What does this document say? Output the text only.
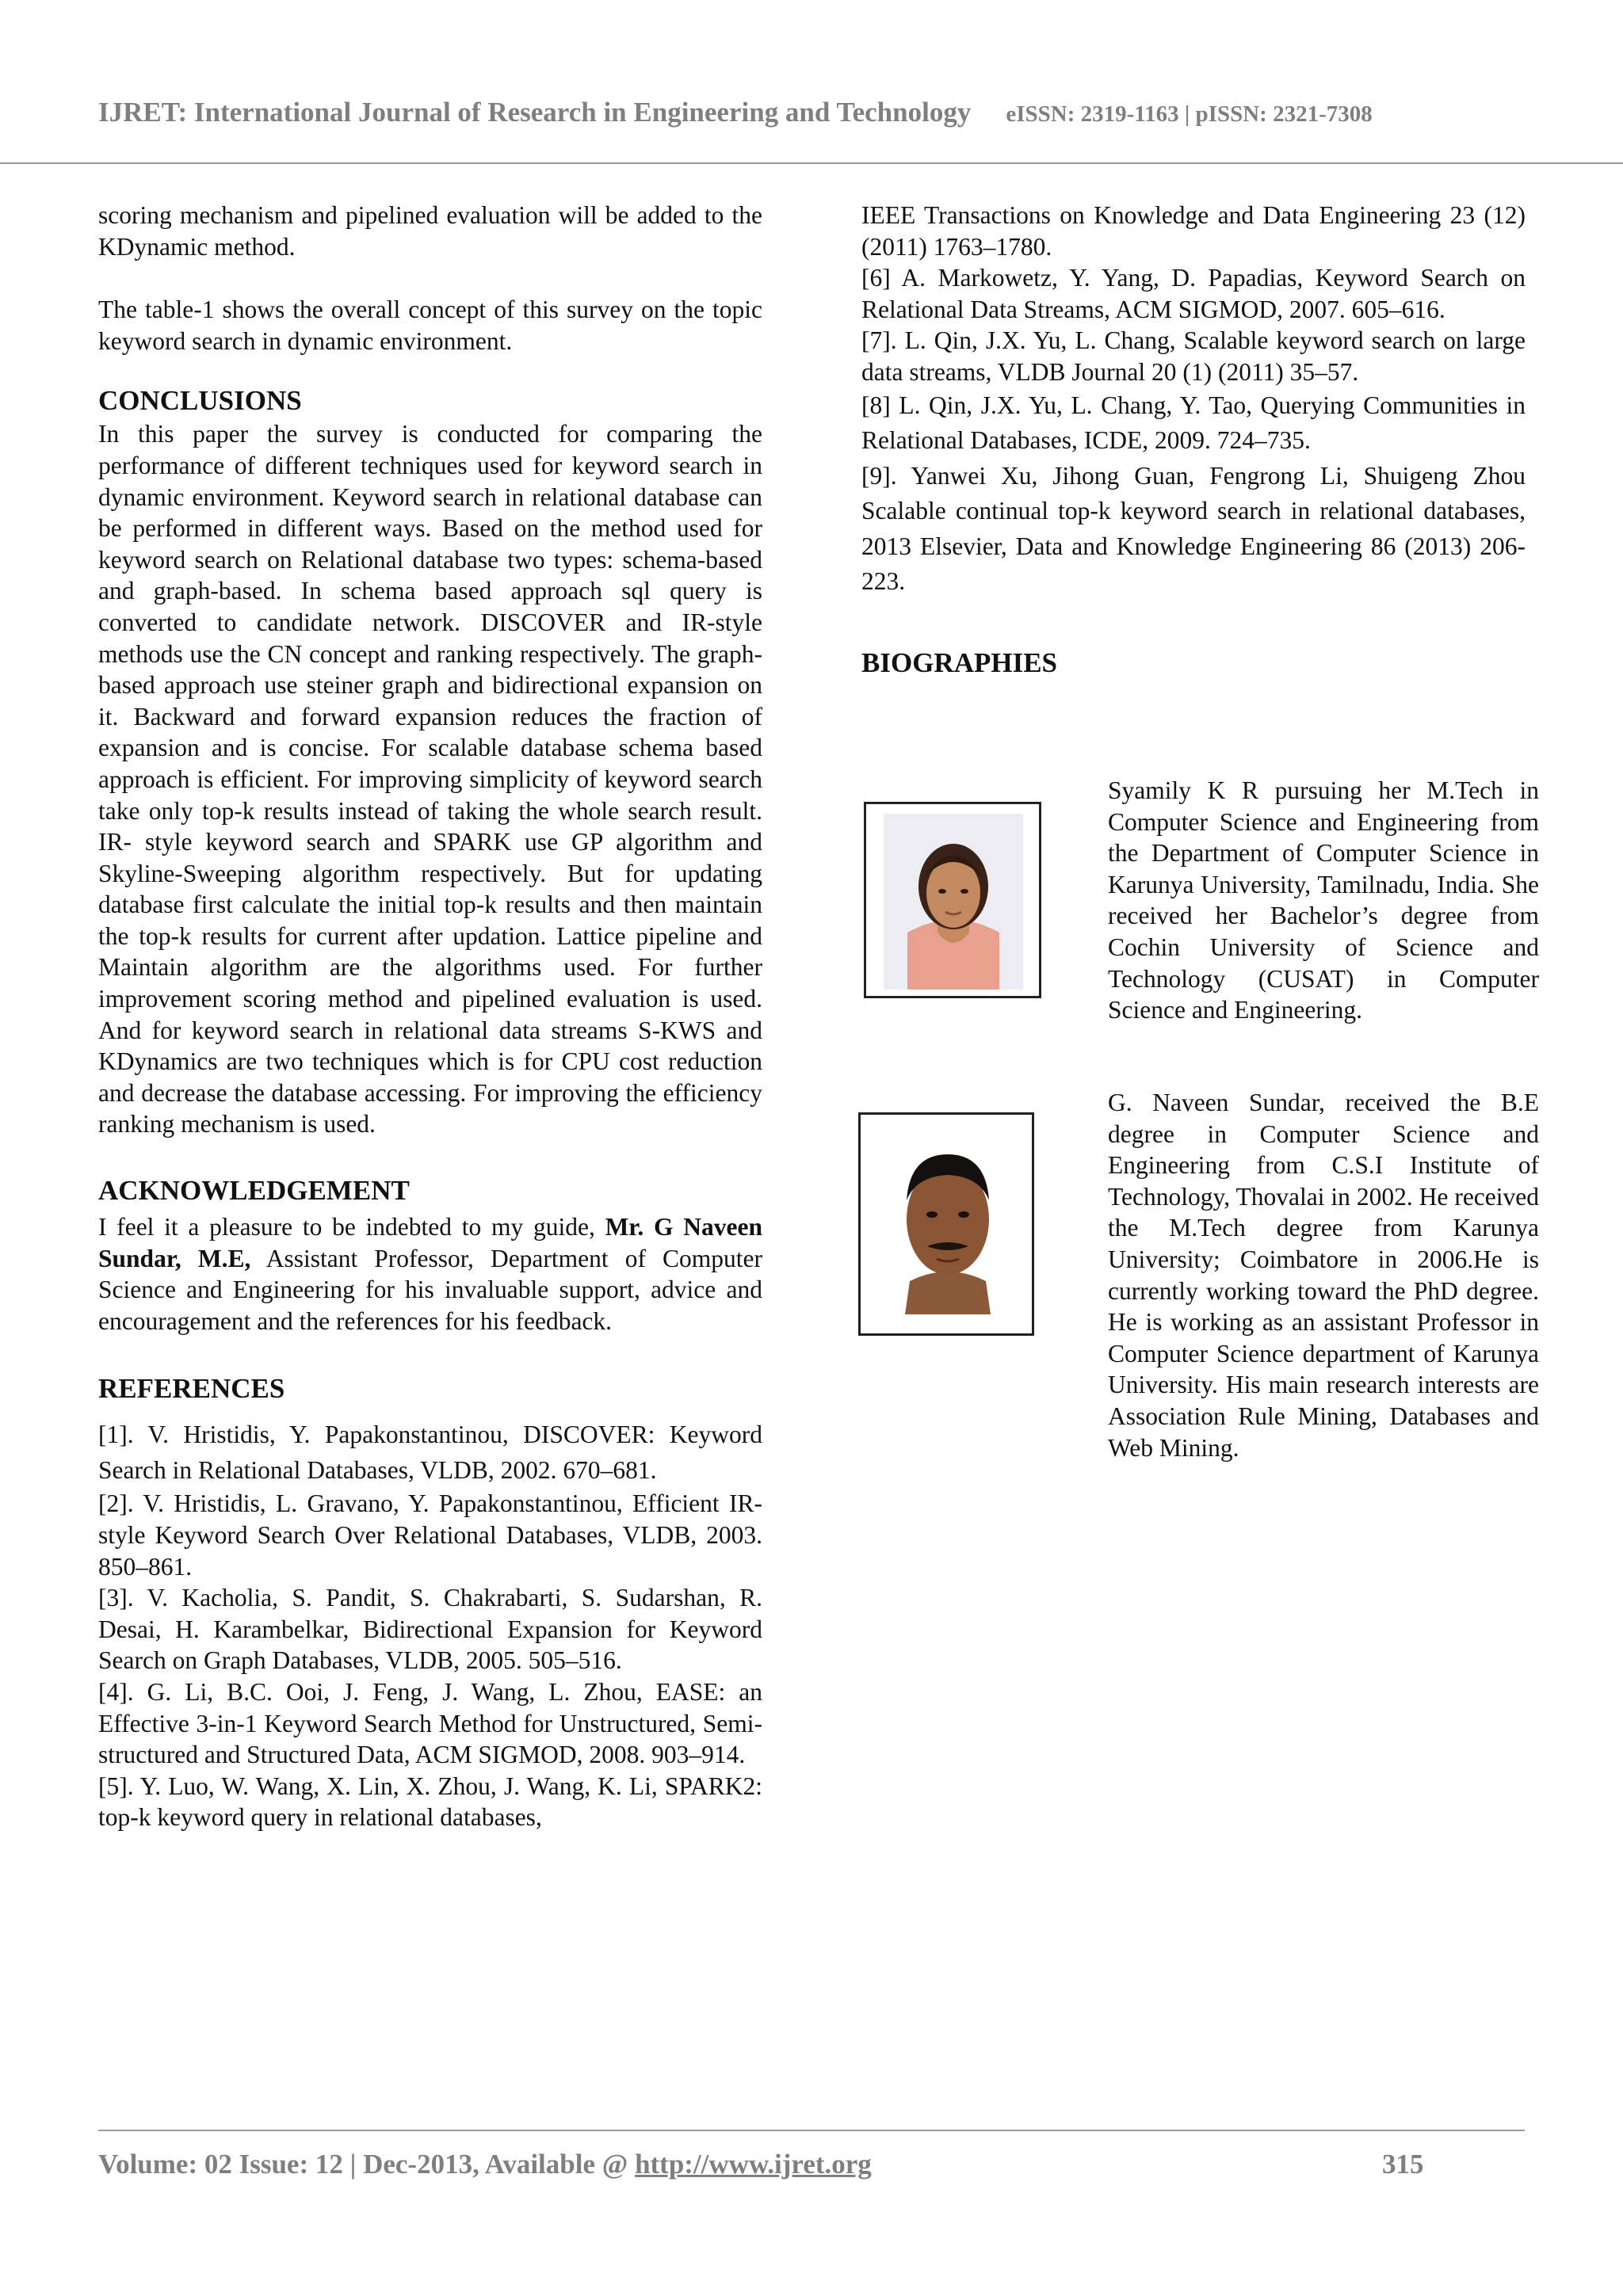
IJRET: International Journal of Research in Engineering and Technology eISSN: 2319-1163 | pISSN: 2321-7308

scoring mechanism and pipelined evaluation will be added to the KDynamic method.

The table-1 shows the overall concept of this survey on the topic keyword search in dynamic environment.

CONCLUSIONS

In this paper the survey is conducted for comparing the performance of different techniques used for keyword search in dynamic environment. Keyword search in relational database can be performed in different ways. Based on the method used for keyword search on Relational database two types: schema-based and graph-based. In schema based approach sql query is converted to candidate network. DISCOVER and IR-style methods use the CN concept and ranking respectively. The graph-based approach use steiner graph and bidirectional expansion on it. Backward and forward expansion reduces the fraction of expansion and is concise. For scalable database schema based approach is efficient. For improving simplicity of keyword search take only top-k results instead of taking the whole search result. IR- style keyword search and SPARK use GP algorithm and Skyline-Sweeping algorithm respectively. But for updating database first calculate the initial top-k results and then maintain the top-k results for current after updation. Lattice pipeline and Maintain algorithm are the algorithms used. For further improvement scoring method and pipelined evaluation is used. And for keyword search in relational data streams S-KWS and KDynamics are two techniques which is for CPU cost reduction and decrease the database accessing. For improving the efficiency ranking mechanism is used.

ACKNOWLEDGEMENT

I feel it a pleasure to be indebted to my guide, Mr. G Naveen Sundar, M.E, Assistant Professor, Department of Computer Science and Engineering for his invaluable support, advice and encouragement and the references for his feedback.

REFERENCES

[1]. V. Hristidis, Y. Papakonstantinou, DISCOVER: Keyword Search in Relational Databases, VLDB, 2002. 670–681.

[2]. V. Hristidis, L. Gravano, Y. Papakonstantinou, Efficient IR-style Keyword Search Over Relational Databases, VLDB, 2003. 850–861.

[3]. V. Kacholia, S. Pandit, S. Chakrabarti, S. Sudarshan, R. Desai, H. Karambelkar, Bidirectional Expansion for Keyword Search on Graph Databases, VLDB, 2005. 505–516.

[4]. G. Li, B.C. Ooi, J. Feng, J. Wang, L. Zhou, EASE: an Effective 3-in-1 Keyword Search Method for Unstructured, Semi-structured and Structured Data, ACM SIGMOD, 2008. 903–914.

[5]. Y. Luo, W. Wang, X. Lin, X. Zhou, J. Wang, K. Li, SPARK2: top-k keyword query in relational databases,

IEEE Transactions on Knowledge and Data Engineering 23 (12) (2011) 1763–1780.

[6] A. Markowetz, Y. Yang, D. Papadias, Keyword Search on Relational Data Streams, ACM SIGMOD, 2007. 605–616.

[7]. L. Qin, J.X. Yu, L. Chang, Scalable keyword search on large data streams, VLDB Journal 20 (1) (2011) 35–57.

[8] L. Qin, J.X. Yu, L. Chang, Y. Tao, Querying Communities in Relational Databases, ICDE, 2009. 724–735.

[9]. Yanwei Xu, Jihong Guan, Fengrong Li, Shuigeng Zhou Scalable continual top-k keyword search in relational databases, 2013 Elsevier, Data and Knowledge Engineering 86 (2013) 206-223.

BIOGRAPHIES

Syamily K R pursuing her M.Tech in Computer Science and Engineering from the Department of Computer Science in Karunya University, Tamilnadu, India. She received her Bachelor’s degree from Cochin University of Science and Technology (CUSAT) in Computer Science and Engineering.

G. Naveen Sundar, received the B.E degree in Computer Science and Engineering from C.S.I Institute of Technology, Thovalai in 2002. He received the M.Tech degree from Karunya University; Coimbatore in 2006.He is currently working toward the PhD degree. He is working as an assistant Professor in Computer Science department of Karunya University. His main research interests are Association Rule Mining, Databases and Web Mining.

Volume: 02 Issue: 12 | Dec-2013, Available @ http://www.ijret.org	315
